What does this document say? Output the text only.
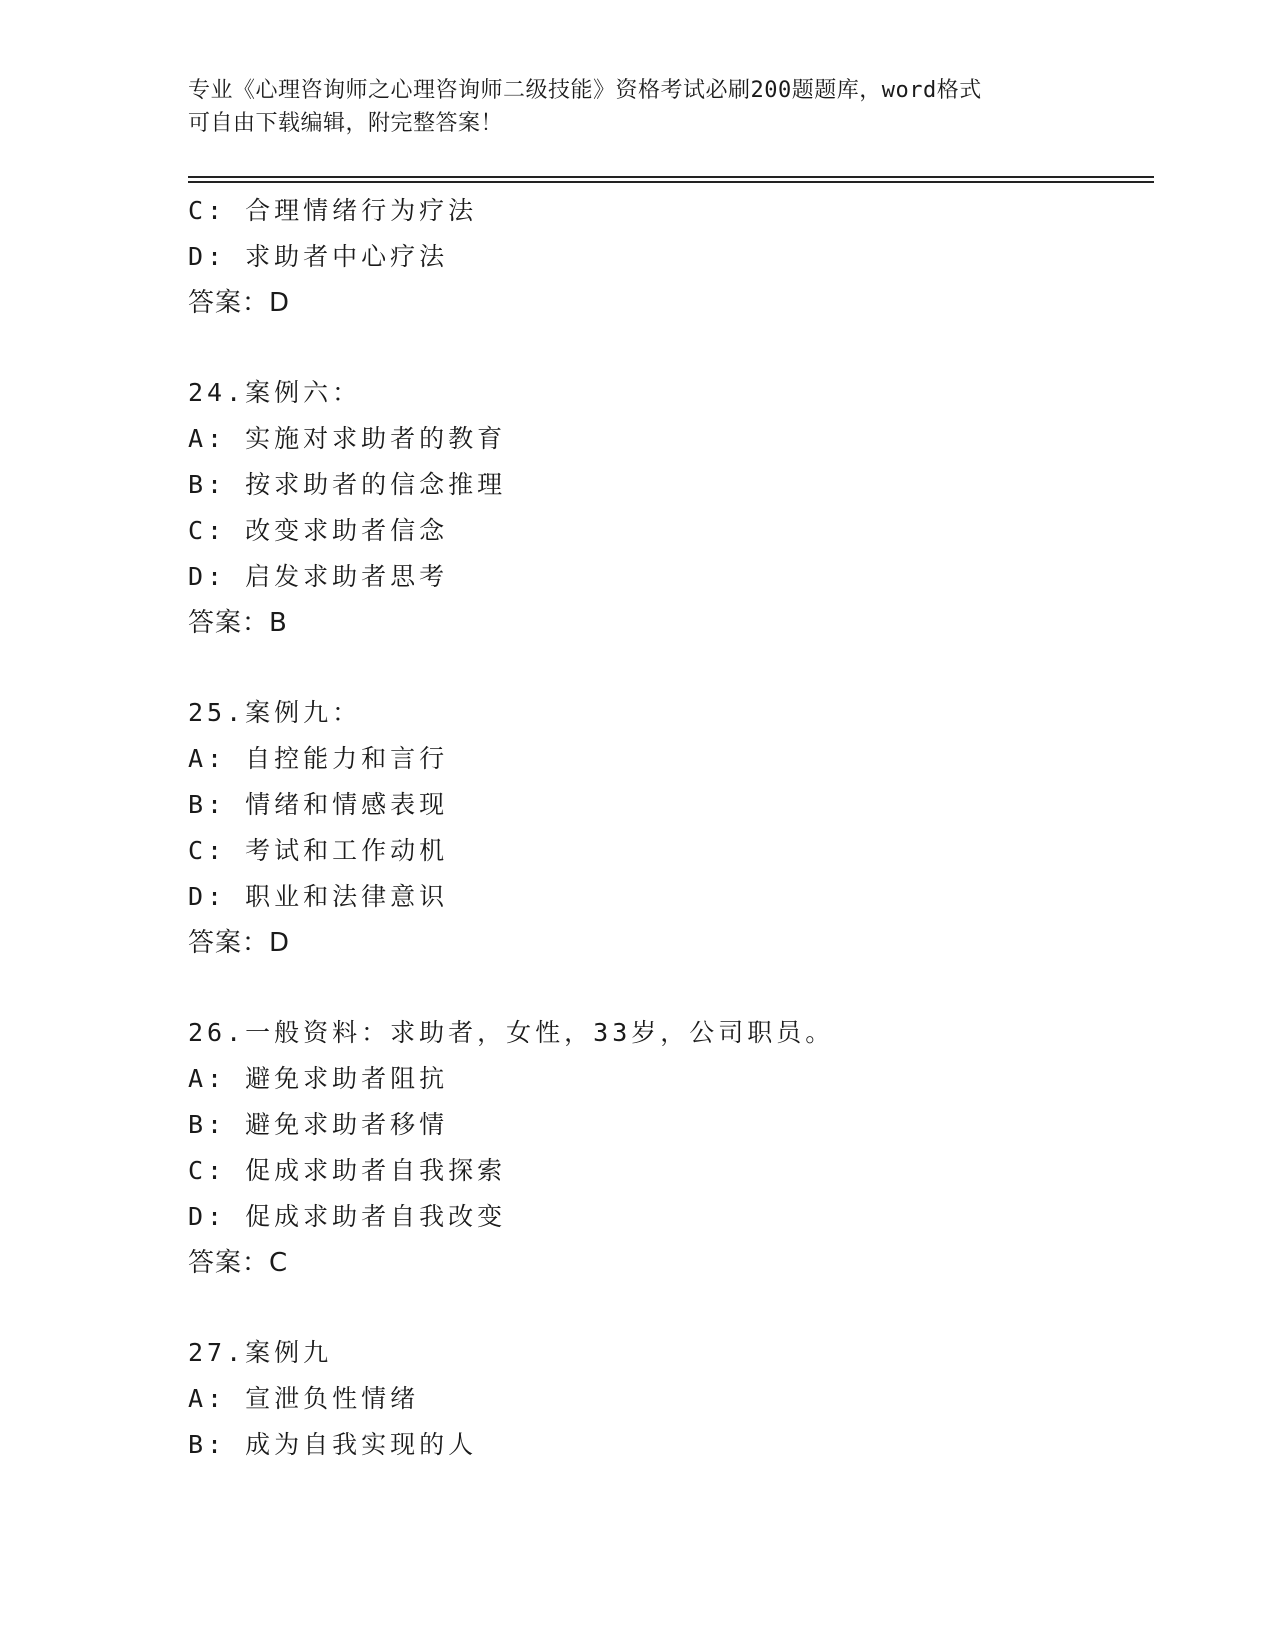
专业《心理咨询师之心理咨询师二级技能》资格考试必刷200题题库，word格式
可自由下载编辑，附完整答案！
C: 合理情绪行为疗法
D: 求助者中心疗法
答案：D
24.案例六：
A: 实施对求助者的教育
B: 按求助者的信念推理
C: 改变求助者信念
D: 启发求助者思考
答案：B
25.案例九：
A: 自控能力和言行
B: 情绪和情感表现
C: 考试和工作动机
D: 职业和法律意识
答案：D
26.一般资料：求助者，女性，33岁，公司职员。
A: 避免求助者阻抗
B: 避免求助者移情
C: 促成求助者自我探索
D: 促成求助者自我改变
答案：C
27.案例九
A: 宣泄负性情绪
B: 成为自我实现的人
